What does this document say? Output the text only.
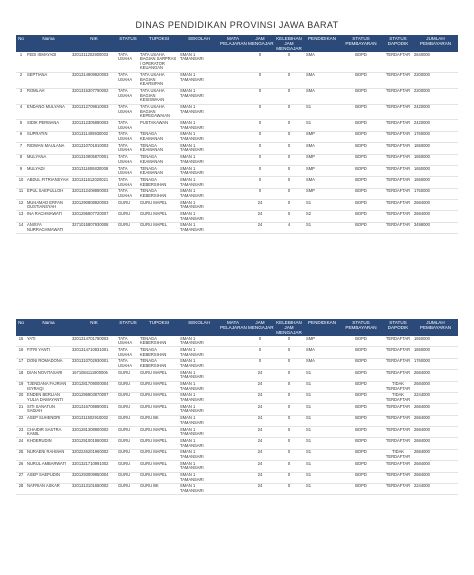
DINAS PENDIDIKAN PROVINSI JAWA BARAT
No	Nama	NIK	STATUS	TUPOKSI	SEKOLAH	MATA PELAJARAN	JAM MENGAJAR	KELEBIHAN JAM MENGAJAR	PENDIDIKAN	STATUS PEMBAYARAN	STATUS DAPODIK	JUMLAH PEMBAYARAN
1	FEDI ISMAYADI	3201311202800003	TATA USAHA	TATA USAHA BAGIAN SARPRAS / OPERATOR KEUANGAN	SMAN 1 TAMANSARI		0	0	SMA	BOPD	TERDAFTAR	2640000
2	SEPTIANA	3201314909920003	TATA USAHA	TATA USAHA BAGIAN KEARSIPAN	SMAN 1 TAMANSARI		0	0	SMA	BOPD	TERDAFTAR	2200000
3	ROMLAH	3201315307790002	TATA USAHA	TATA USAHA BAGIAN KESISWAAN	SMAN 1 TAMANSARI		0	0	SMA	BOPD	TERDAFTAR	2200000
4	ENDANG MULYANA	3201312709810003	TATA USAHA	TATA USAHA BAGIAN KEPEGAWAIAN	SMAN 1 TAMANSARI		0	0	S1	BOPD	TERDAFTAR	2420000
5	SIDIK PERMANA	3201312305890003	TATA USAHA	PUSTAKAWAN	SMAN 1 TAMANSARI		0	0	S1	BOPD	TERDAFTAR	2420000
6	SUPRATIN	3201311409930002	TATA USAHA	TENAGA KEAMANAN	SMAN 1 TAMANSARI		0	0	SMP	BOPD	TERDAFTAR	1760000
7	RIDWAN MAULANA	3201310701910003	TATA USAHA	TENAGA KEAMANAN	SMAN 1 TAMANSARI		0	0	SMA	BOPD	TERDAFTAR	1650000
8	MULYANA	3201310805870001	TATA USAHA	TENAGA KEAMANAN	SMAN 1 TAMANSARI		0	0	SMP	BOPD	TERDAFTAR	1650000
9	MULYADI	3201311606830008	TATA USAHA	TENAGA KEAMANAN	SMAN 1 TAMANSARI		0	0	SMP	BOPD	TERDAFTAR	1650000
10	ABDUL FITRIANSYAH	3201311612020021	TATA USAHA	TENAGA KEBERSIHAN	SMAN 1 TAMANSARI		0	0	SMA	BOPD	TERDAFTAR	1650000
11	EPUL SAEPULLOH	3201312408890003	TATA USAHA	TENAGA KEBERSIHAN	SMAN 1 TAMANSARI		0	0	SMP	BOPD	TERDAFTAR	1760000
12	MUHAMAD ERFAN GUSTIANSYAH	3201290808920003	GURU	GURU MAPEL	SMAN 1 TAMANSARI		24	0	S1	BOPD	TERDAFTAR	2684000
13	INA RACHMAWATI	3201295907720007	GURU	GURU MAPEL	SMAN 1 TAMANSARI		24	0	S2	BOPD	TERDAFTAR	2684000
14	ANISYA NURRACHMAWATI	3271015807930008	GURU	GURU MAPEL	SMAN 1 TAMANSARI		24	4	S1	BOPD	TERDAFTAR	3498000
No	Nama	NIK	STATUS	TUPOKSI	SEKOLAH	MATA PELAJARAN	JAM MENGAJAR	KELEBIHAN JAM MENGAJAR	PENDIDIKAN	STATUS PEMBAYARAN	STATUS DAPODIK	JUMLAH PEMBAYARAN
15	YATI	3201314701780003	TATA USAHA	TENAGA KEBERSIHAN	SMAN 1 TAMANSARI		0	0	SMP	BOPD	TERDAFTAR	1650000
16	FITRI YANTI	3201314710931001	TATA USAHA	TENAGA KEBERSIHAN	SMAN 1 TAMANSARI		0	0	SMA	BOPD	TERDAFTAR	1650000
17	DONI ROMADONA	3201310702930001	TATA USAHA	TENAGA KEBERSIHAN	SMAN 1 TAMANSARI		0	0	SMA	BOPD	TERDAFTAR	1760000
18	DIAN NOVITASARI	1671084111900006	GURU	GURU MAPEL	SMAN 1 TAMANSARI		24	0	S1	BOPD	TERDAFTAR	2684000
19	TJENDANA FAJRIAN ISYRAQI	3201281709000004	GURU	GURU MAPEL	SMAN 1 TAMANSARI		24	0	S1	BOPD	TIDAK TERDAFTAR	2684000
20	ENDEN BERLIAN YULIA DAMAYANTI	3201295903870007	GURU	GURU MAPEL	SMAN 1 TAMANSARI		24	0	S1	BOPD	TIDAK TERDAFTAR	2244000
21	SITI SANATUN SADIAH	3201316708890001	GURU	GURU MAPEL	SMAN 1 TAMANSARI		24	0	S1	BOPD	TERDAFTAR	2684000
22	ASEP SUHENDRI	3201311502910002	GURU	GURU BK	SMAN 1 TAMANSARI		24	0	S1	BOPD	TERDAFTAR	2684000
23	CHAIDIR SASTRA KAMIL	3201281308900002	GURU	GURU MAPEL	SMAN 1 TAMANSARI		24	0	S1	BOPD	TERDAFTAR	2684000
24	KHOERUDIN	3201291001950002	GURU	GURU MAPEL	SMAN 1 TAMANSARI		24	0	S1	BOPD	TERDAFTAR	2684000
25	NURAENI RAHMAN	3202246201960002	GURU	GURU MAPEL	SMAN 1 TAMANSARI		24	0	S1	BOPD	TIDAK TERDAFTAR	2684000
26	NURUL AMBARWATI	3201321710991002	GURU	GURU MAPEL	SMAN 1 TAMANSARI		24	0	S1	BOPD	TERDAFTAR	2684000
27	ASEP SAEPUDIN	3201293009950004	GURU	GURU MAPEL	SMAN 1 TAMANSARI		24	0	S1	BOPD	TERDAFTAR	2684000
28	NAFRIAN ASKAR	3201313101650002	GURU	GURU BK	SMAN 1 TAMANSARI		24	0	S1	BOPD	TERDAFTAR	2244000
